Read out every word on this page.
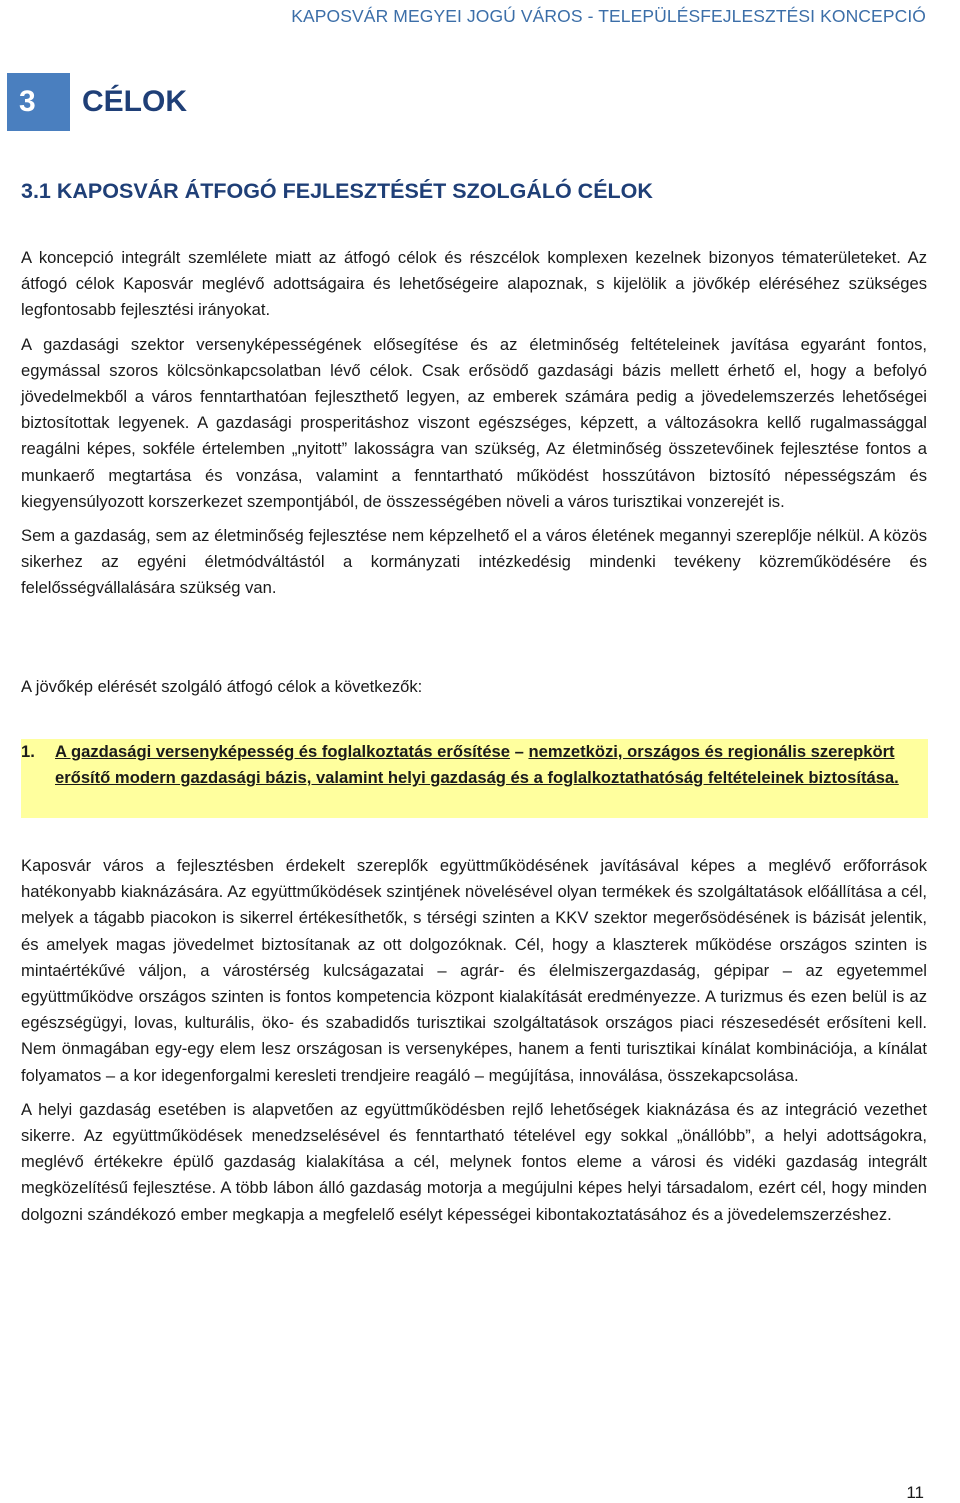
KAPOSVÁR MEGYEI JOGÚ VÁROS - TELEPÜLÉSFEJLESZTÉSI KONCEPCIÓ
3	CÉLOK
3.1 KAPOSVÁR ÁTFOGÓ FEJLESZTÉSÉT SZOLGÁLÓ CÉLOK

A koncepció integrált szemlélete miatt az átfogó célok és részcélok komplexen kezelnek bizonyos tématerületeket. Az átfogó célok Kaposvár meglévő adottságaira és lehetőségeire alapoznak, s kijelölik a jövőkép eléréséhez szükséges legfontosabb fejlesztési irányokat.

A gazdasági szektor versenyképességének elősegítése és az életminőség feltételeinek javítása egyaránt fontos, egymással szoros kölcsönkapcsolatban lévő célok. Csak erősödő gazdasági bázis mellett érhető el, hogy a befolyó jövedelmekből a város fenntarthatóan fejleszthető legyen, az emberek számára pedig a jövedelemszerzés lehetőségei biztosítottak legyenek. A gazdasági prosperitáshoz viszont egészséges, képzett, a változásokra kellő rugalmassággal reagálni képes, sokféle értelemben „nyitott” lakosságra van szükség, Az életminőség összetevőinek fejlesztése fontos a munkaerő megtartása és vonzása, valamint a fenntartható működést hosszútávon biztosító népességszám és kiegyensúlyozott korszerkezet szempontjából, de összességében növeli a város turisztikai vonzerejét is.

Sem a gazdaság, sem az életminőség fejlesztése nem képzelhető el a város életének megannyi szereplője nélkül. A közös sikerhez az egyéni életmódváltástól a kormányzati intézkedésig mindenki tevékeny közreműködésére és felelősségvállalására szükség van.

A jövőkép elérését szolgáló átfogó célok a következők:

1. A gazdasági versenyképesség és foglalkoztatás erősítése – nemzetközi, országos és regionális szerepkört erősítő modern gazdasági bázis, valamint helyi gazdaság és a foglalkoztathatóság feltételeinek biztosítása.

Kaposvár város a fejlesztésben érdekelt szereplők együttműködésének javításával képes a meglévő erőforrások hatékonyabb kiaknázására. Az együttműködések szintjének növelésével olyan termékek és szolgáltatások előállítása a cél, melyek a tágabb piacokon is sikerrel értékesíthetők, s térségi szinten a KKV szektor megerősödésének is bázisát jelentik, és amelyek magas jövedelmet biztosítanak az ott dolgozóknak. Cél, hogy a klaszterek működése országos szinten is mintaértékűvé váljon, a várostérség kulcságazatai – agrár- és élelmiszergazdaság, gépipar – az egyetemmel együttműködve országos szinten is fontos kompetencia központ kialakítását eredményezze. A turizmus és ezen belül is az egészségügyi, lovas, kulturális, öko- és szabadidős turisztikai szolgáltatások országos piaci részesedését erősíteni kell. Nem önmagában egy-egy elem lesz országosan is versenyképes, hanem a fenti turisztikai kínálat kombinációja, a kínálat folyamatos – a kor idegenforgalmi keresleti trendjeire reagáló – megújítása, innoválása, összekapcsolása.

A helyi gazdaság esetében is alapvetően az együttműködésben rejlő lehetőségek kiaknázása és az integráció vezethet sikerre. Az együttműködések menedzselésével és fenntartható tételével egy sokkal „önállóbb”, a helyi adottságokra, meglévő értékekre épülő gazdaság kialakítása a cél, melynek fontos eleme a városi és vidéki gazdaság integrált megközelítésű fejlesztése. A több lábon álló gazdaság motorja a megújulni képes helyi társadalom, ezért cél, hogy minden dolgozni szándékozó ember megkapja a megfelelő esélyt képességei kibontakoztatásához és a jövedelemszerzéshez.

11
